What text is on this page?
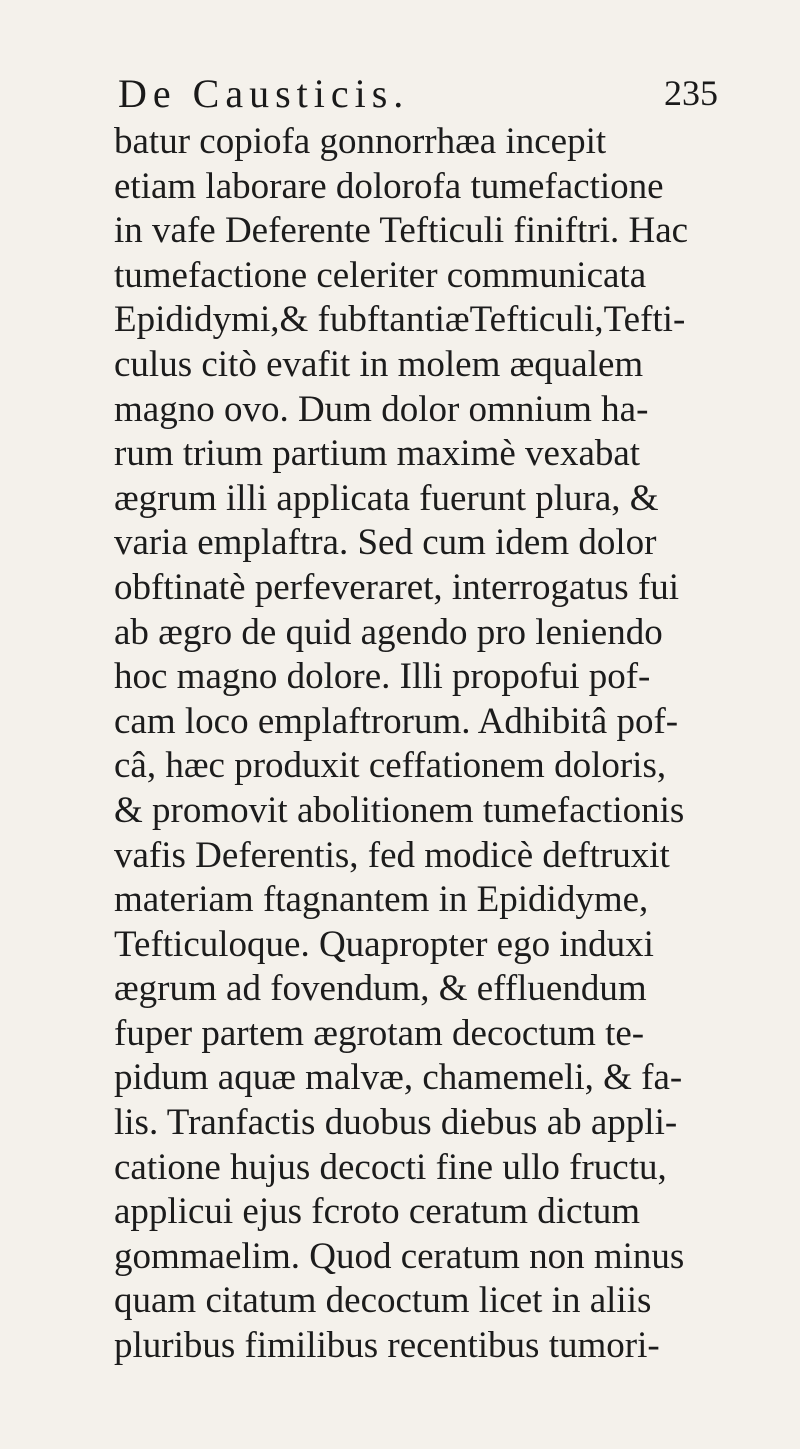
De Causticis.	235
batur copiofa gonnorrhæa incepit
etiam laborare dolorofa tumefactione
in vafe Deferente Tefticuli finiftri. Hac
tumefactione celeriter communicata
Epididymi,& fubftantiæTefticuli,Tefti-
culus citò evafit in molem æqualem
magno ovo. Dum dolor omnium ha-
rum trium partium maximè vexabat
ægrum illi applicata fuerunt plura, &
varia emplaftra. Sed cum idem dolor
obftinatè perfeveraret, interrogatus fui
ab ægro de quid agendo pro leniendo
hoc magno dolore. Illi propofui pof-
cam loco emplaftrorum. Adhibitâ pof-
câ, hæc produxit ceffationem doloris,
& promovit abolitionem tumefactionis
vafis Deferentis, fed modicè deftruxit
materiam ftagnantem in Epididyme,
Tefticuloque. Quapropter ego induxi
ægrum ad fovendum, & effluendum
fuper partem ægrotam decoctum te-
pidum aquæ malvæ, chamemeli, & fa-
lis. Tranfactis duobus diebus ab appli-
catione hujus decocti fine ullo fructu,
applicui ejus fcroto ceratum dictum
gommaelim. Quod ceratum non minus
quam citatum decoctum licet in aliis
pluribus fimilibus recentibus tumori-
